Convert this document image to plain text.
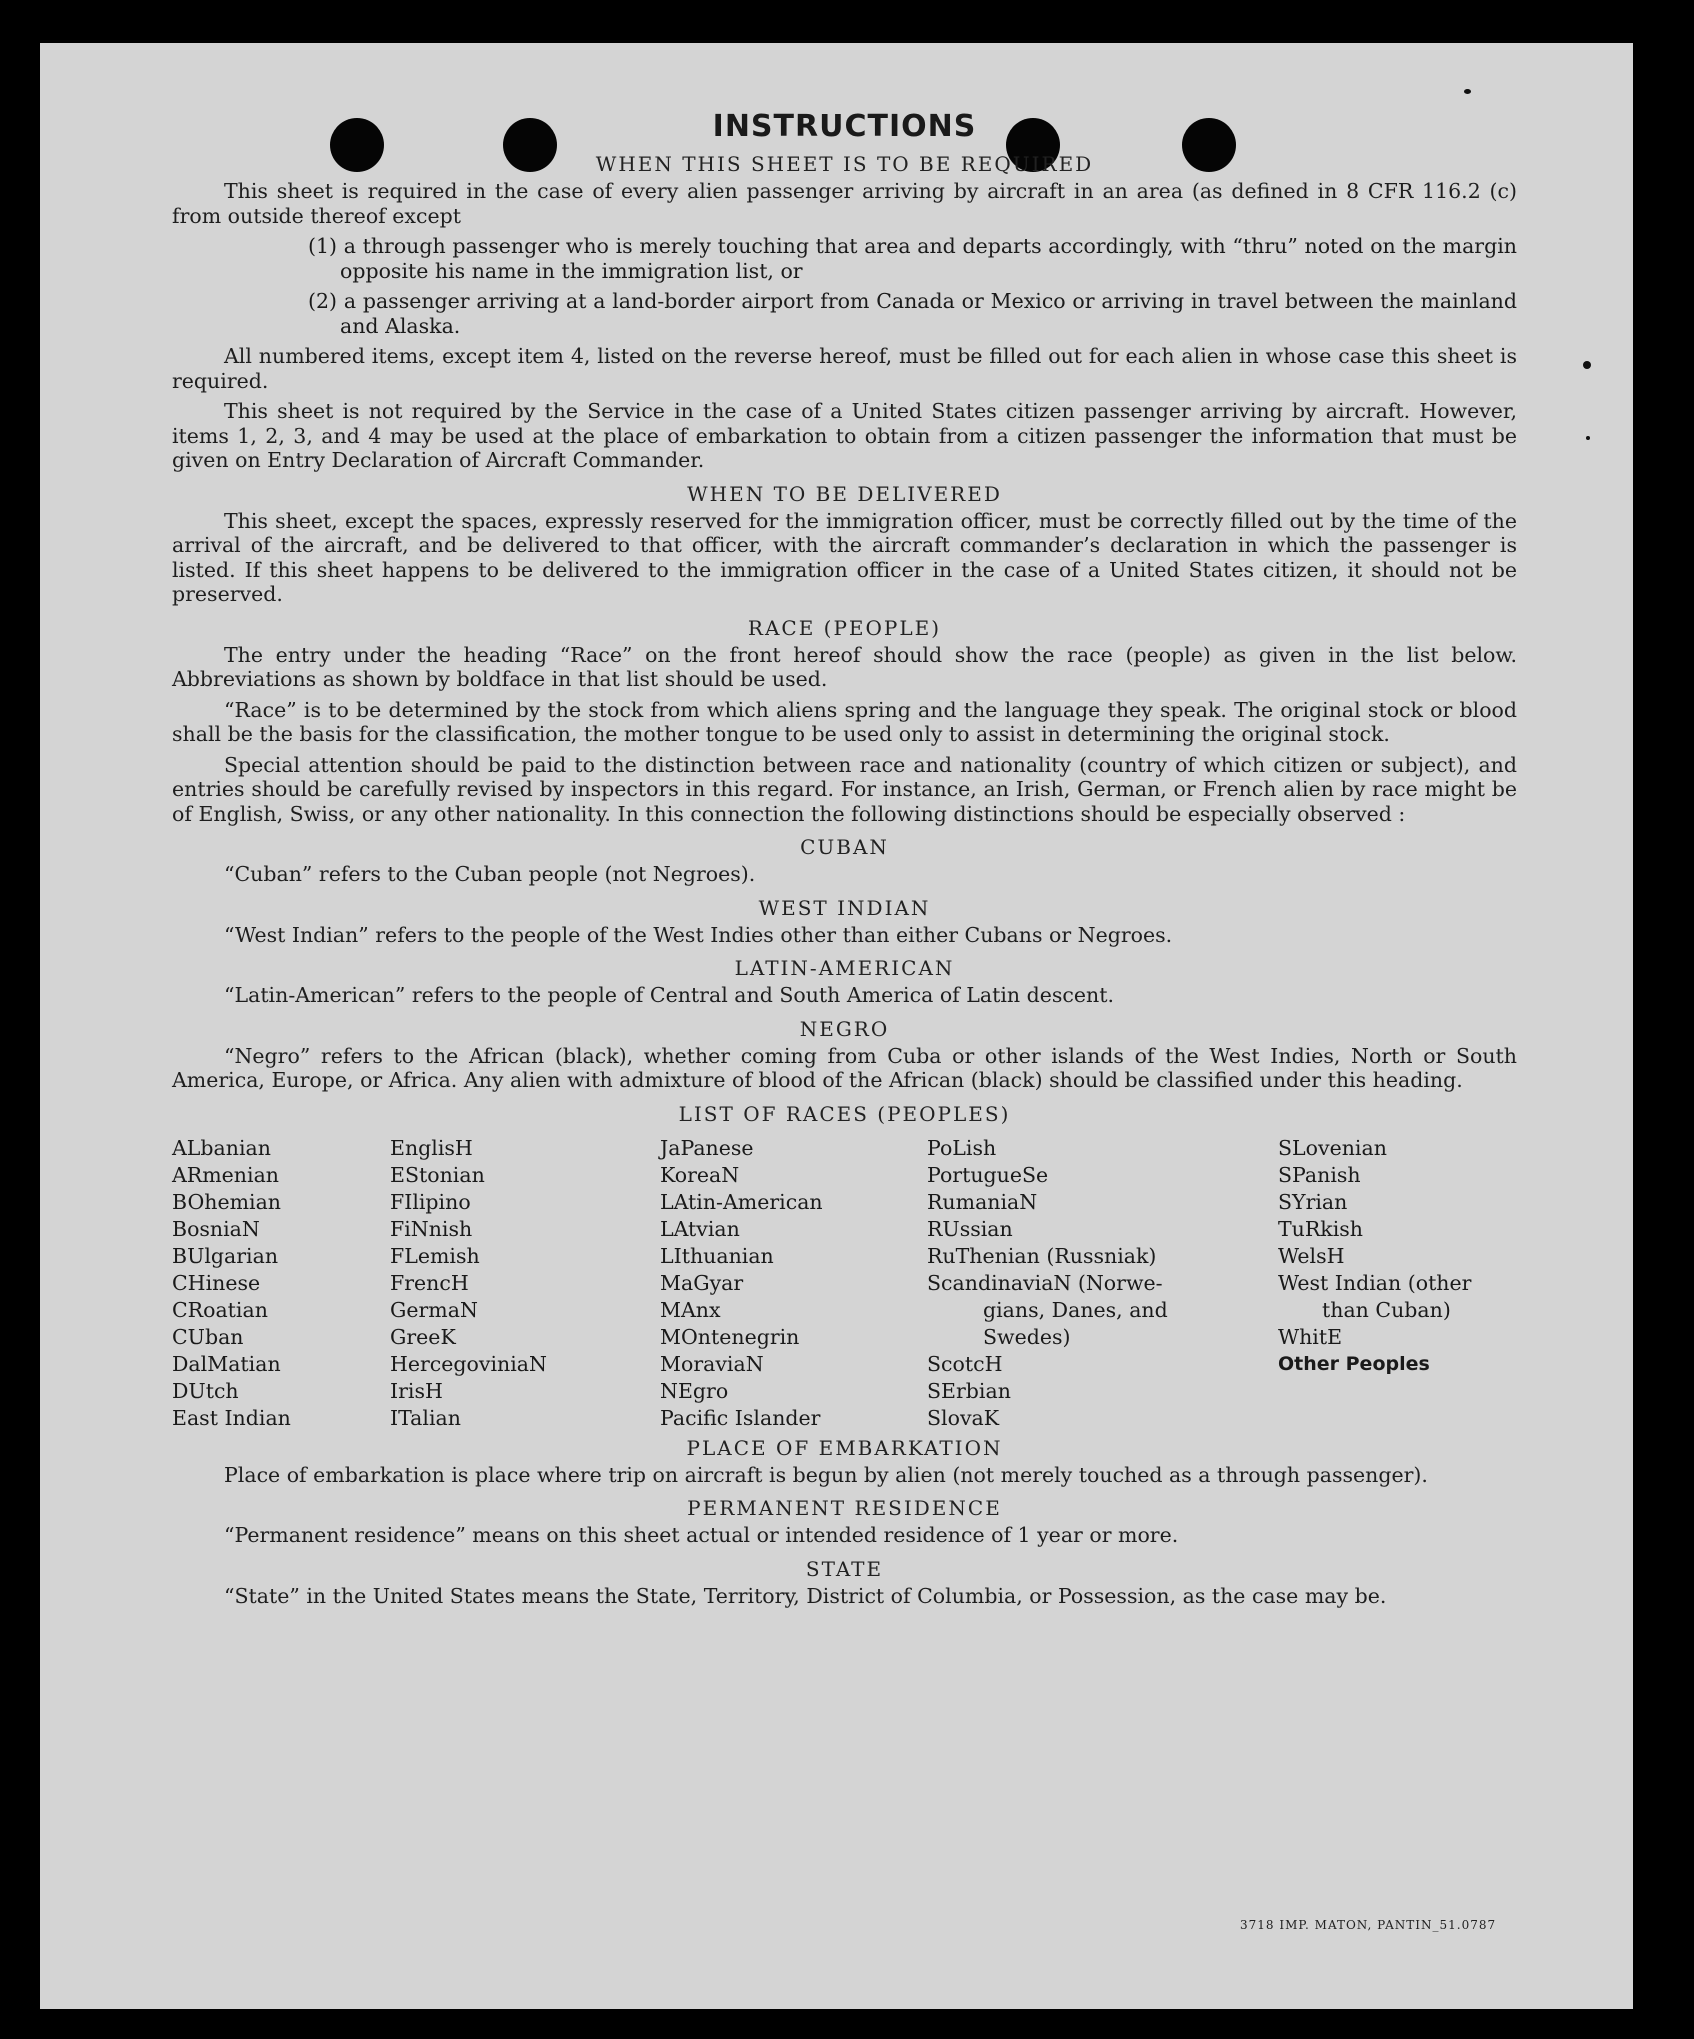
INSTRUCTIONS
WHEN THIS SHEET IS TO BE REQUIRED

This sheet is required in the case of every alien passenger arriving by aircraft in an area (as defined in 8 CFR 116.2 (c) from outside thereof except

(1) a through passenger who is merely touching that area and departs accordingly, with “thru” noted on the margin opposite his name in the immigration list, or

(2) a passenger arriving at a land-border airport from Canada or Mexico or arriving in travel between the mainland and Alaska.

All numbered items, except item 4, listed on the reverse hereof, must be filled out for each alien in whose case this sheet is required.

This sheet is not required by the Service in the case of a United States citizen passenger arriving by aircraft. However, items 1, 2, 3, and 4 may be used at the place of embarkation to obtain from a citizen passenger the information that must be given on Entry Declaration of Aircraft Commander.

WHEN TO BE DELIVERED

This sheet, except the spaces, expressly reserved for the immigration officer, must be correctly filled out by the time of the arrival of the aircraft, and be delivered to that officer, with the aircraft commander’s declaration in which the passenger is listed. If this sheet happens to be delivered to the immigration officer in the case of a United States citizen, it should not be preserved.

RACE (PEOPLE)

The entry under the heading “Race” on the front hereof should show the race (people) as given in the list below. Abbreviations as shown by boldface in that list should be used.

“Race” is to be determined by the stock from which aliens spring and the language they speak. The original stock or blood shall be the basis for the classification, the mother tongue to be used only to assist in determining the original stock.

Special attention should be paid to the distinction between race and nationality (country of which citizen or subject), and entries should be carefully revised by inspectors in this regard. For instance, an Irish, German, or French alien by race might be of English, Swiss, or any other nationality. In this connection the following distinctions should be especially observed :

CUBAN

“Cuban” refers to the Cuban people (not Negroes).

WEST INDIAN

“West Indian” refers to the people of the West Indies other than either Cubans or Negroes.

LATIN-AMERICAN

“Latin-American” refers to the people of Central and South America of Latin descent.

NEGRO

“Negro” refers to the African (black), whether coming from Cuba or other islands of the West Indies, North or South America, Europe, or Africa. Any alien with admixture of blood of the African (black) should be classified under this heading.

LIST OF RACES (PEOPLES)
ALbanian
ARmenian
BOhemian
BosniaN
BUlgarian
CHinese
CRoatian
CUban
DalMatian
DUtch
East Indian
EnglisH
EStonian
FIlipino
FiNnish
FLemish
FrencH
GermaN
GreeK
HercegoviniaN
IrisH
ITalian
JaPanese
KoreaN
LAtin-American
LAtvian
LIthuanian
MaGyar
MAnx
MOntenegrin
MoraviaN
NEgro
Pacific Islander
PoLish
PortugueSe
RumaniaN
RUssian
RuThenian (Russniak)
ScandinaviaN (Norwe-
gians, Danes, and
Swedes)
ScotcH
SErbian
SlovaK
SLovenian
SPanish
SYrian
TuRkish
WelsH
West Indian (other
than Cuban)
WhitE
Other Peoples
PLACE OF EMBARKATION

Place of embarkation is place where trip on aircraft is begun by alien (not merely touched as a through passenger).

PERMANENT RESIDENCE

“Permanent residence” means on this sheet actual or intended residence of 1 year or more.

STATE

“State” in the United States means the State, Territory, District of Columbia, or Possession, as the case may be.

3718 IMP. MATON, PANTIN_51.0787
